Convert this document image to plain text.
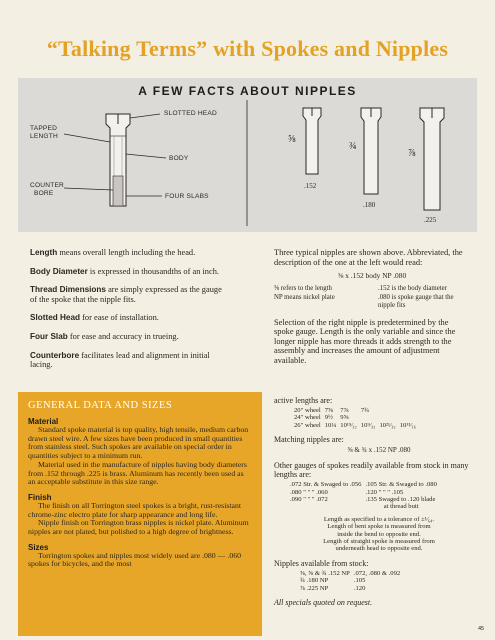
“Talking Terms” with Spokes and Nipples
A FEW FACTS ABOUT NIPPLES
SLOTTED HEAD
TAPPED
LENGTH
BODY
COUNTER
BORE	FOUR SLABS
⅝
.152
¾
.180
⅞
.225

Length means overall length including the head.

Body Diameter is expressed in thousandths of an inch.

Thread Dimensions are simply expressed as the gauge of the spoke that the nipple fits.

Slotted Head for ease of installation.

Four Slab for ease and accuracy in trueing.

Counterbore facilitates lead and alignment in initial lacing.

Three typical nipples are shown above. Abbreviated, the description of the one at the left would read:

⅝ x .152 body NP .080

⅝ refers to the length	.152 is the body diameter
NP means nickel plate	.080 is spoke gauge that the nipple fits

Selection of the right nipple is predetermined by the spoke gauge. Length is the only variable and since the longer nipple has more threads it adds strength to the assembly and increases the amount of adjustment available.

GENERAL DATA AND SIZES

Material

Standard spoke material is top quality, high tensile, medium carbon drawn steel wire. A few sizes have been produced in small quantities from stainless steel. Such spokes are available on special order in quantities subject to a minimum run.

Material used in the manufacture of nipples having body diameters from .152 through .225 is brass. Aluminum has recently been used as an acceptable substitute in this size range.

Finish

The finish on all Torrington steel spokes is a bright, rust-resistant chrome-zinc electro plate for sharp appearance and long life.

Nipple finish on Torrington brass nipples is nickel plate. Aluminum nipples are not plated, but polished to a high degree of brightness.

Sizes

Torrington spokes and nipples most widely used are .080 — .060 spokes for bicycles, and the most

active lengths are:

20″ wheel	7⅝	7⅞	7¾		
24″ wheel	9½	9⅝			
26″ wheel	10¼	10¹⁹⁄₃₂	10⁹⁄₃₂	10²¹⁄₃₂	10¹³⁄₁₆

Matching nipples are:

⅝ & ¾ x .152 NP .080

Other gauges of spokes readily available from stock in many lengths are:

.072 Str. & Swaged to .056	.105 Str. & Swaged to .080
.080 " " " .060	.120 " " " .105
.090 " " " .072	.135 Swaged to .120 blade
	at thread butt

Length as specified to a tolerance of ±¹⁄₆₄.

Length of bent spoke is measured from

inside the bend to opposite end.

Length of straight spoke is measured from

underneath head to opposite end.

Nipples available from stock:

⅝, ⅝ & ¾ .152 NP	.072, .080 & .092
¾ .180 NP	.105
⅞ .225 NP	.120

All specials quoted on request.

45
